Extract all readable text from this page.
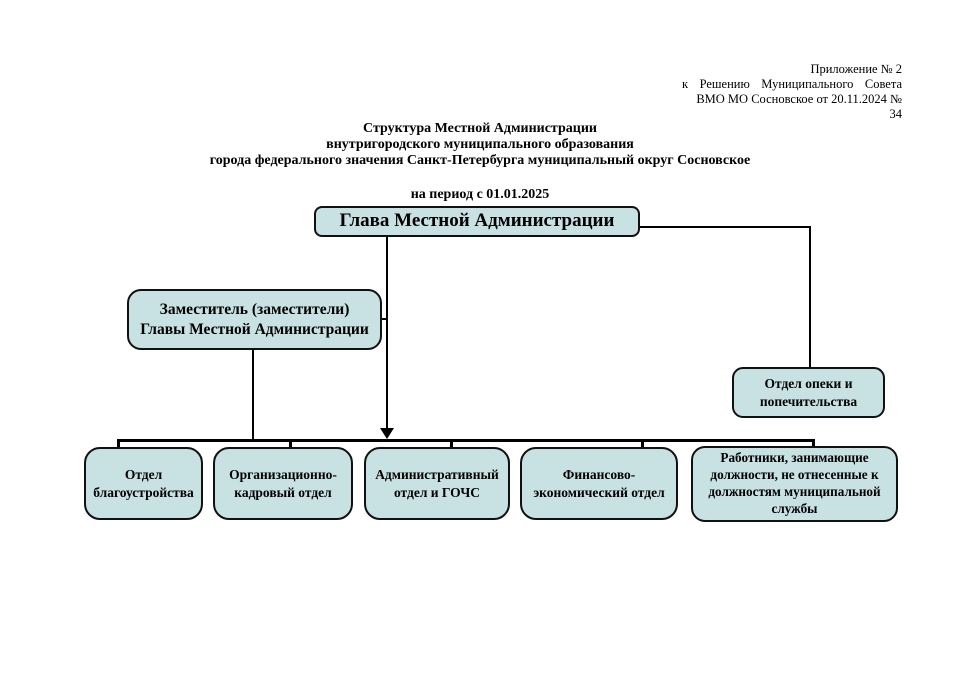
Приложение № 2
к Решению Муниципального Совета
ВМО МО Сосновское от 20.11.2024 № 34
Структура Местной Администрации
внутригородского муниципального образования
города федерального значения Санкт-Петербурга муниципальный округ Сосновское
на период с 01.01.2025
Глава Местной Администрации
Заместитель (заместители) Главы Местной Администрации
Отдел опеки и попечительства
Отдел благоустройства
Организационно-кадровый отдел
Административный отдел и ГОЧС
Финансово-экономический отдел
Работники, занимающие должности, не отнесенные к должностям муниципальной службы
